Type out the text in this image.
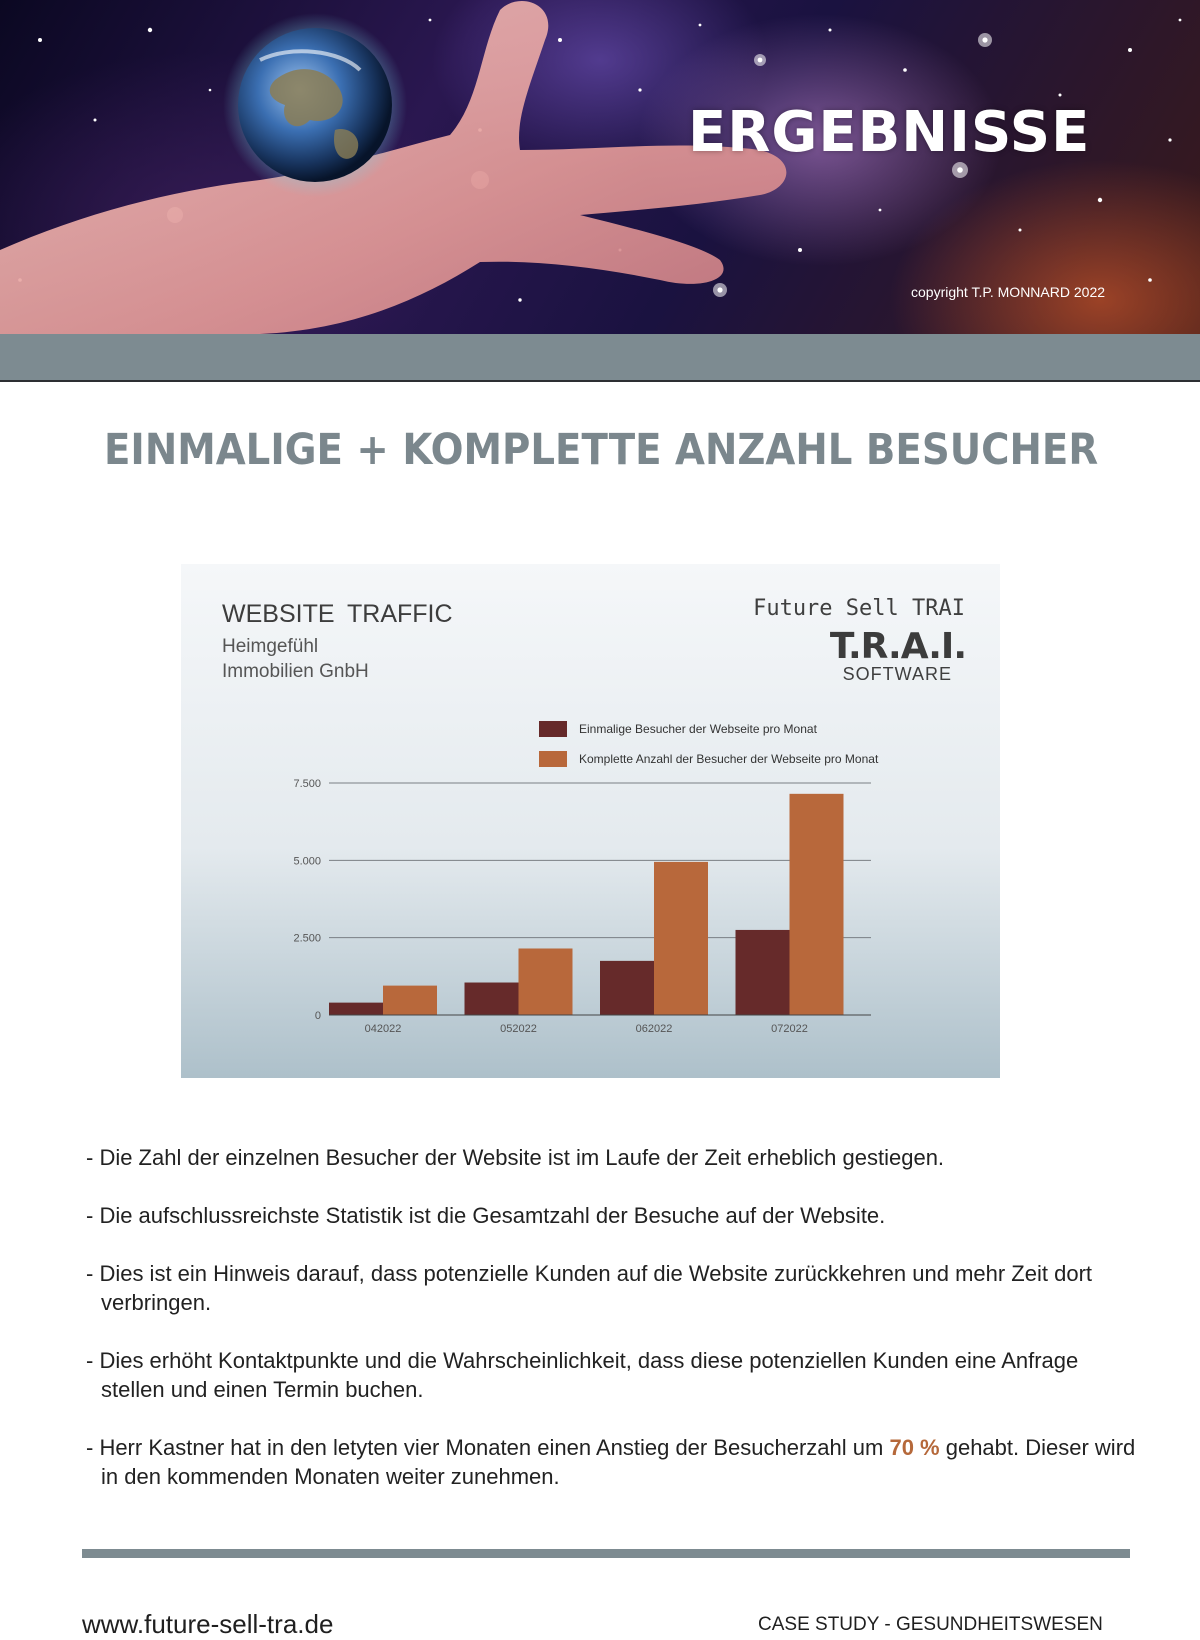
ERGEBNISSE
copyright T.P. MONNARD 2022
EINMALIGE + KOMPLETTE ANZAHL BESUCHER
WEBSITE TRAFFIC
Heimgefühl
Immobilien GnbH
Future Sell TRAI
T.R.A.I.
SOFTWARE
Einmalige Besucher der Webseite pro Monat
Komplette Anzahl der Besucher der Webseite pro Monat
0
2.500
5.000
7.500
042022	052022	062022	072022

- Die Zahl der einzelnen Besucher der Website ist im Laufe der Zeit erheblich gestiegen.

- Die aufschlussreichste Statistik ist die Gesamtzahl der Besuche auf der Website.

- Dies ist ein Hinweis darauf, dass potenzielle Kunden auf die Website zurückkehren und mehr Zeit dort verbringen.

- Dies erhöht Kontaktpunkte und die Wahrscheinlichkeit, dass diese potenziellen Kunden eine Anfrage stellen und einen Termin buchen.

- Herr Kastner hat in den letyten vier Monaten einen Anstieg der Besucherzahl um 70 % gehabt. Dieser wird in den kommenden Monaten weiter zunehmen.

www.future-sell-tra.de	CASE STUDY - GESUNDHEITSWESEN
